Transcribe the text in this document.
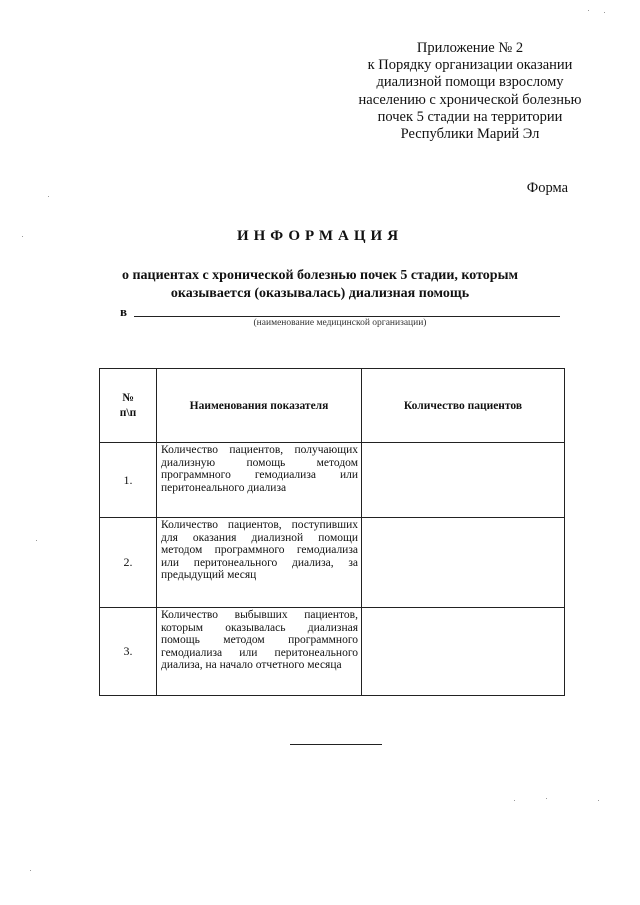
Приложение № 2
к Порядку организации оказании
диализной помощи взрослому
населению с хронической болезнью
почек 5 стадии на территории
Республики Марий Эл
Форма
ИНФОРМАЦИЯ
о пациентах с хронической болезнью почек 5 стадии, которым
оказывается (оказывалась) диализная помощь
в
(наименование медицинской организации)
№
п\п	Наименования показателя	Количество пациентов
1.	Количество пациентов, получающих диализную помощь методом программного гемодиализа или перитонеального диализа	
2.	Количество пациентов, поступивших для оказания диализной помощи методом программного гемодиализа или перитонеального диализа, за предыдущий месяц	
3.	Количество выбывших пациентов, которым оказывалась диализная помощь методом программного гемодиализа или перитонеального диализа, на начало отчетного месяца	
